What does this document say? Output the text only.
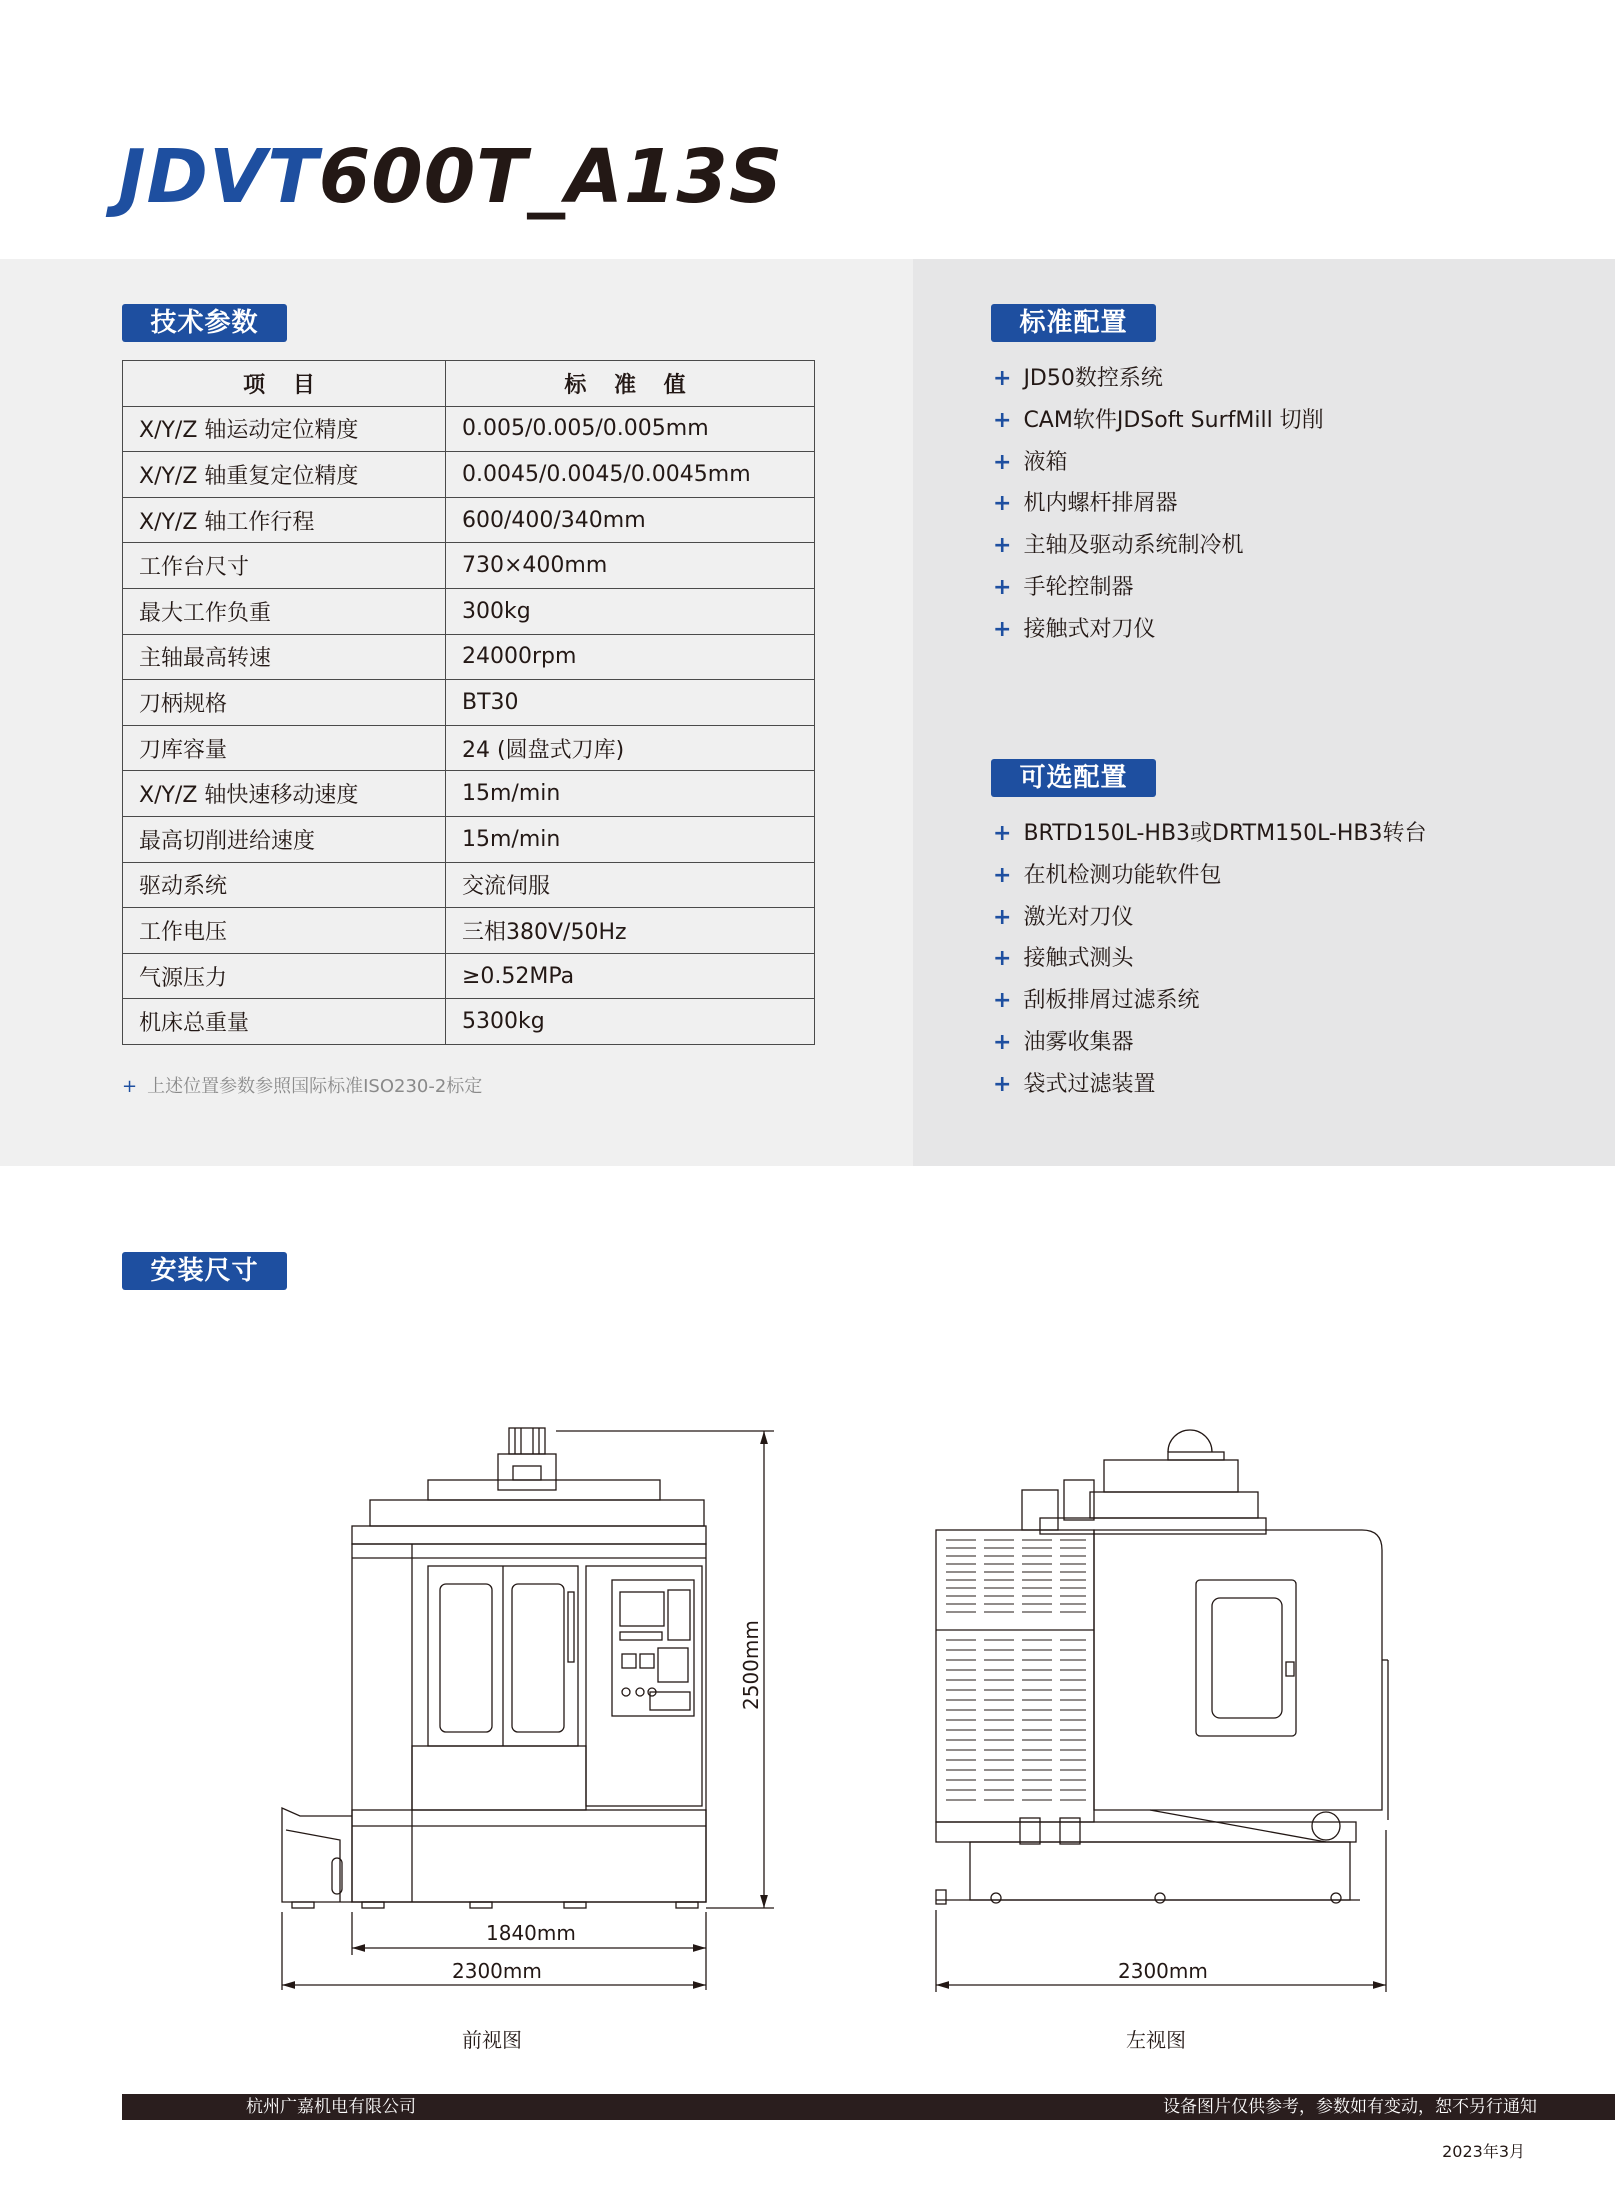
JDVT600T_A13S
技术参数	标准配置
可选配置
安装尺寸
项 目	标 准 值
X/Y/Z 轴运动定位精度	0.005/0.005/0.005mm
X/Y/Z 轴重复定位精度	0.0045/0.0045/0.0045mm
X/Y/Z 轴工作行程	600/400/340mm
工作台尺寸	730×400mm
最大工作负重	300kg
主轴最高转速	24000rpm
刀柄规格	BT30
刀库容量	24 (圆盘式刀库)
X/Y/Z 轴快速移动速度	15m/min
最高切削进给速度	15m/min
驱动系统	交流伺服
工作电压	三相380V/50Hz
气源压力	≥0.52MPa
机床总重量	5300kg
+ 上述位置参数参照国际标准ISO230-2标定
+ JD50数控系统
+ CAM软件JDSoft SurfMill 切削
+ 液箱
+ 机内螺杆排屑器
+ 主轴及驱动系统制冷机
+ 手轮控制器
+ 接触式对刀仪
+ BRTD150L-HB3或DRTM150L-HB3转台
+ 在机检测功能软件包
+ 激光对刀仪
+ 接触式测头
+ 刮板排屑过滤系统
+ 油雾收集器
+ 袋式过滤装置
2500mm
1840mm
2300mm	2300mm
前视图	左视图
杭州广嘉机电有限公司	设备图片仅供参考，参数如有变动，恕不另行通知
2023年3月
